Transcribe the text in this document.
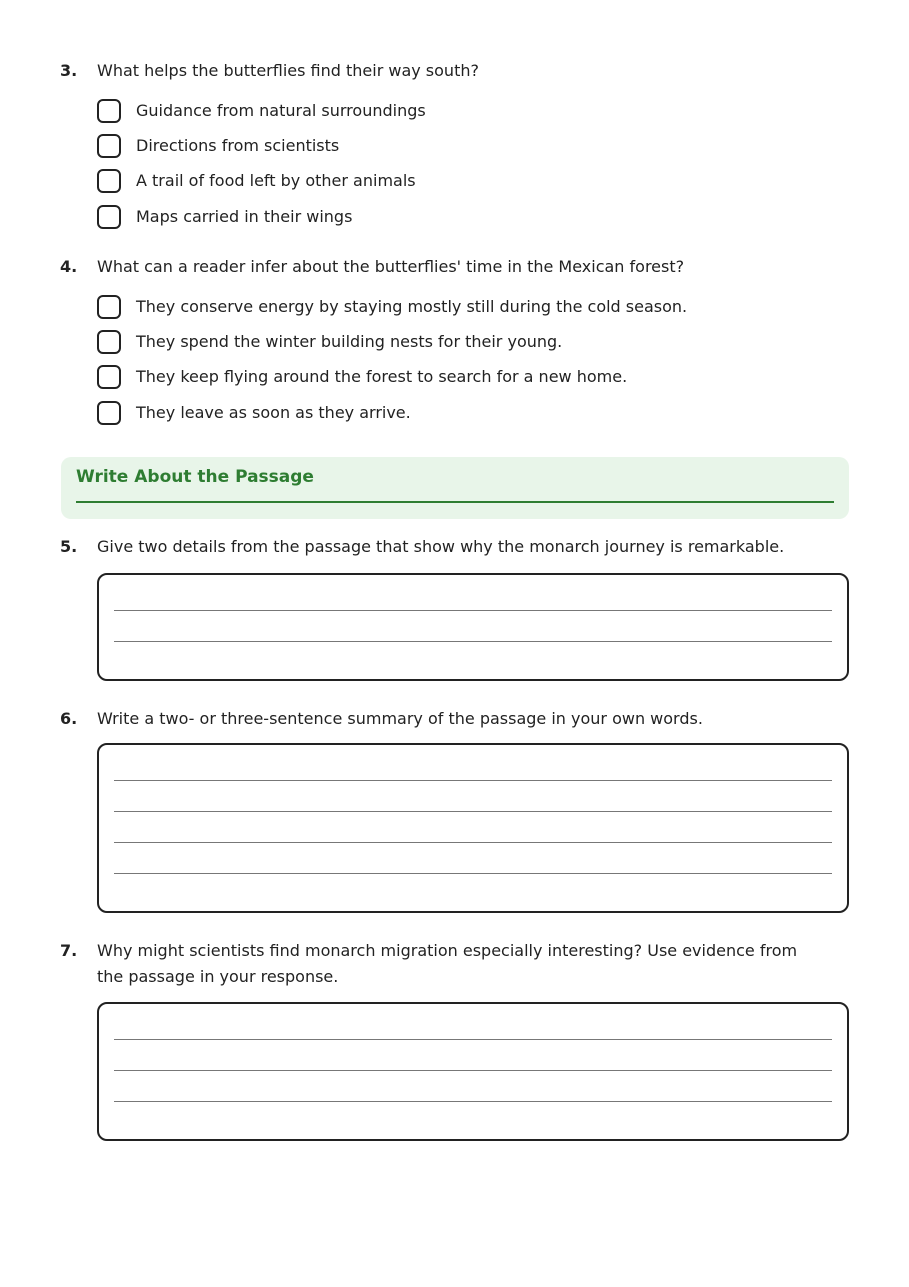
3. What helps the butterflies find their way south?
Guidance from natural surroundings
Directions from scientists
A trail of food left by other animals
Maps carried in their wings
4. What can a reader infer about the butterflies' time in the Mexican forest?
They conserve energy by staying mostly still during the cold season.
They spend the winter building nests for their young.
They keep flying around the forest to search for a new home.
They leave as soon as they arrive.
Write About the Passage
5. Give two details from the passage that show why the monarch journey is remarkable.
6. Write a two- or three-sentence summary of the passage in your own words.
7. Why might scientists find monarch migration especially interesting? Use evidence from the passage in your response.
